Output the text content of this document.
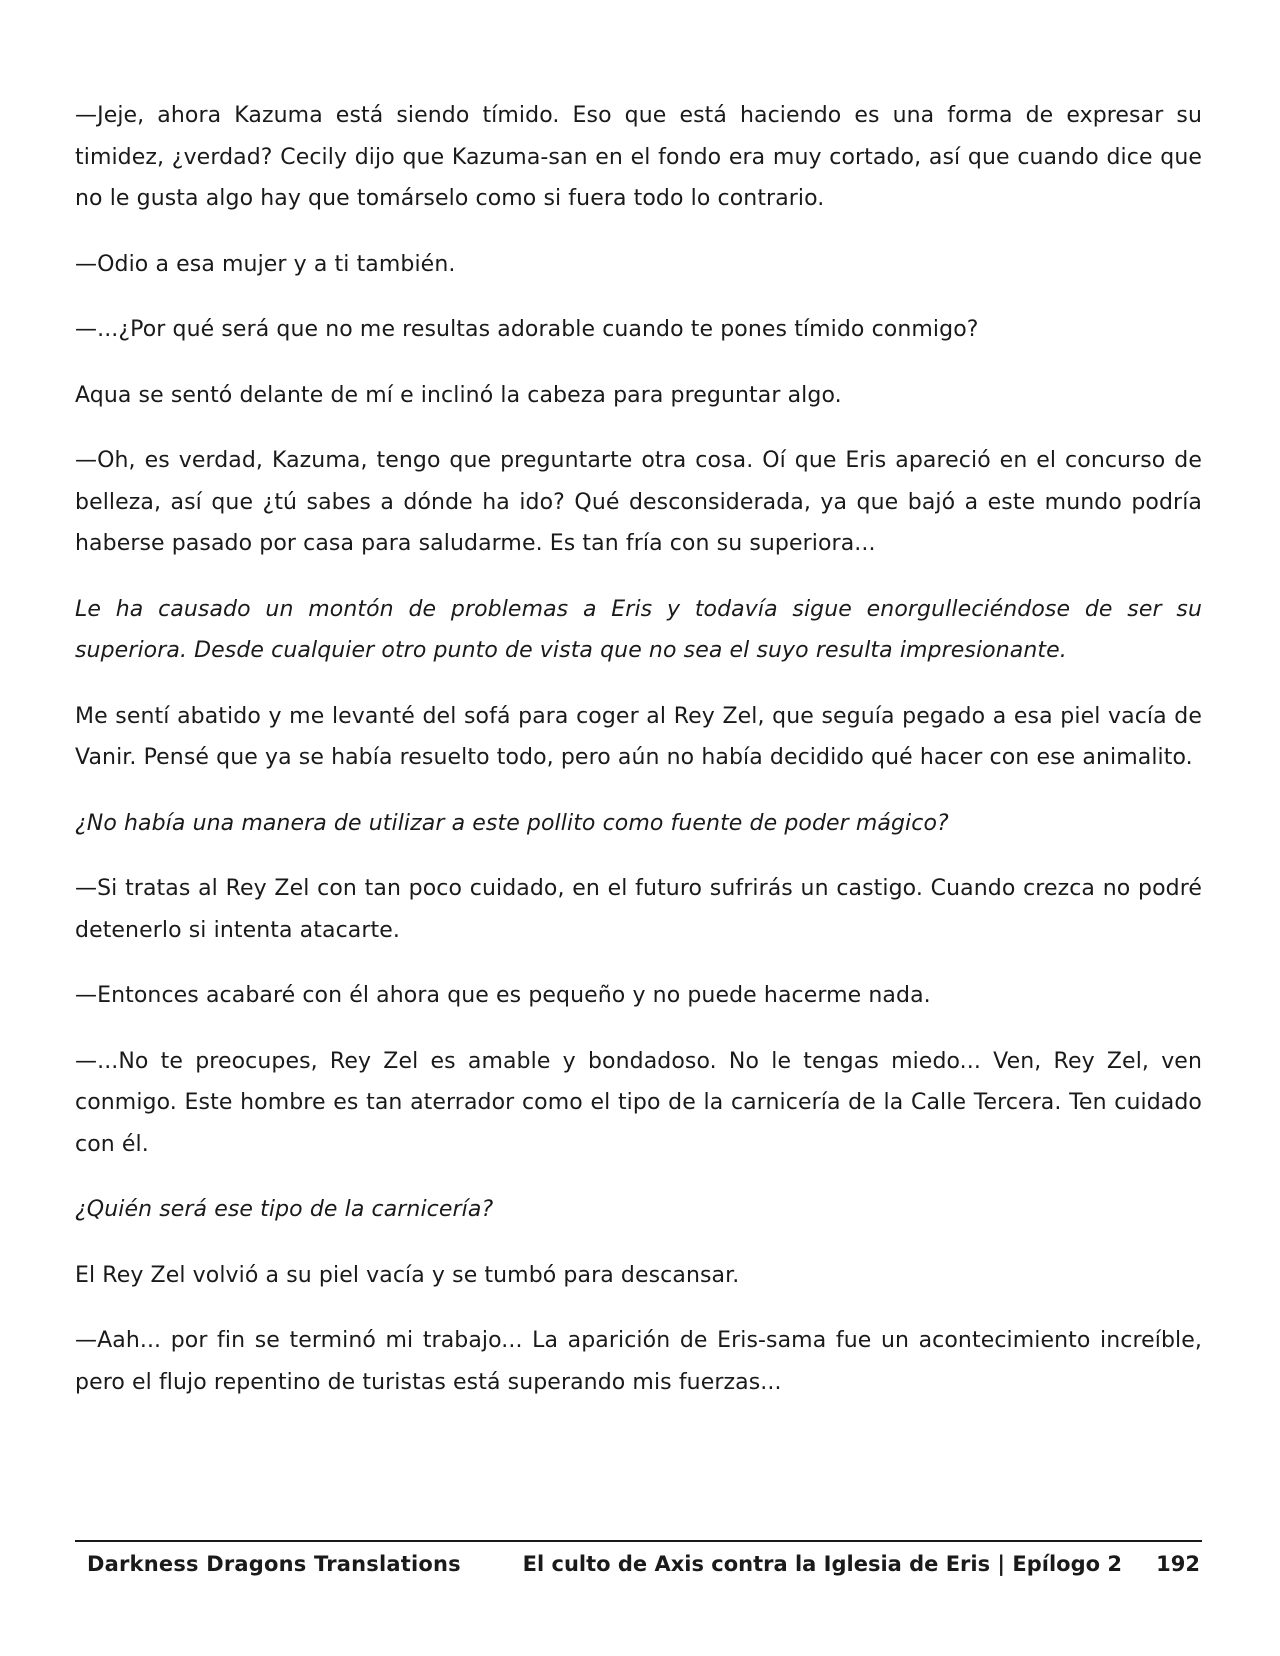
—Jeje, ahora Kazuma está siendo tímido. Eso que está haciendo es una forma de expresar su timidez, ¿verdad? Cecily dijo que Kazuma-san en el fondo era muy cortado, así que cuando dice que no le gusta algo hay que tomárselo como si fuera todo lo contrario.

—Odio a esa mujer y a ti también.

—...¿Por qué será que no me resultas adorable cuando te pones tímido conmigo?

Aqua se sentó delante de mí e inclinó la cabeza para preguntar algo.

—Oh, es verdad, Kazuma, tengo que preguntarte otra cosa. Oí que Eris apareció en el concurso de belleza, así que ¿tú sabes a dónde ha ido? Qué desconsiderada, ya que bajó a este mundo podría haberse pasado por casa para saludarme. Es tan fría con su superiora...

Le ha causado un montón de problemas a Eris y todavía sigue enorgulleciéndose de ser su superiora. Desde cualquier otro punto de vista que no sea el suyo resulta impresionante.

Me sentí abatido y me levanté del sofá para coger al Rey Zel, que seguía pegado a esa piel vacía de Vanir. Pensé que ya se había resuelto todo, pero aún no había decidido qué hacer con ese animalito.

¿No había una manera de utilizar a este pollito como fuente de poder mágico?

—Si tratas al Rey Zel con tan poco cuidado, en el futuro sufrirás un castigo. Cuando crezca no podré detenerlo si intenta atacarte.

—Entonces acabaré con él ahora que es pequeño y no puede hacerme nada.

—...No te preocupes, Rey Zel es amable y bondadoso. No le tengas miedo... Ven, Rey Zel, ven conmigo. Este hombre es tan aterrador como el tipo de la carnicería de la Calle Tercera. Ten cuidado con él.

¿Quién será ese tipo de la carnicería?

El Rey Zel volvió a su piel vacía y se tumbó para descansar.

—Aah... por fin se terminó mi trabajo... La aparición de Eris-sama fue un acontecimiento increíble, pero el flujo repentino de turistas está superando mis fuerzas...

Darkness Dragons Translations	El culto de Axis contra la Iglesia de Eris | Epílogo 2 192
